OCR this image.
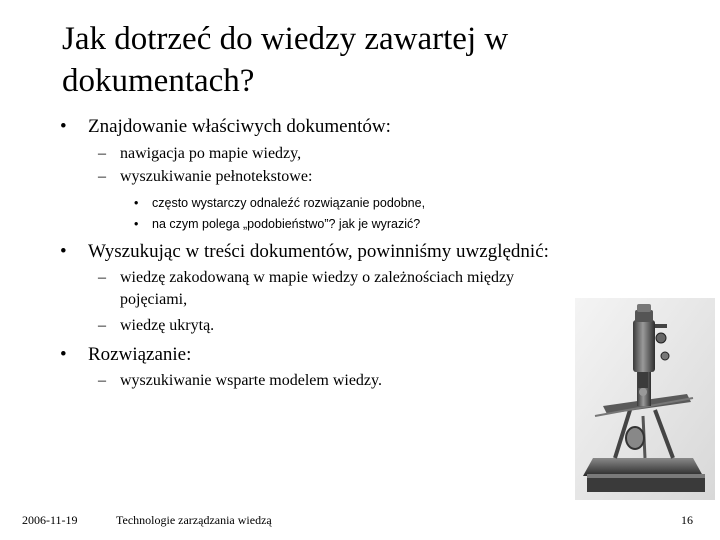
Jak dotrzeć do wiedzy zawartej w dokumentach?
• Znajdowanie właściwych dokumentów:
– nawigacja po mapie wiedzy,
– wyszukiwanie pełnotekstowe:
• często wystarczy odnaleźć rozwiązanie podobne,
• na czym polega „podobieństwo”? jak je wyrazić?
• Wyszukując w treści dokumentów, powinniśmy uwzględnić:
– wiedzę zakodowaną w mapie wiedzy o zależnościach między pojęciami,
– wiedzę ukrytą.
• Rozwiązanie:
– wyszukiwanie wsparte modelem wiedzy.
2006-11-19	Technologie zarządzania wiedzą	16
